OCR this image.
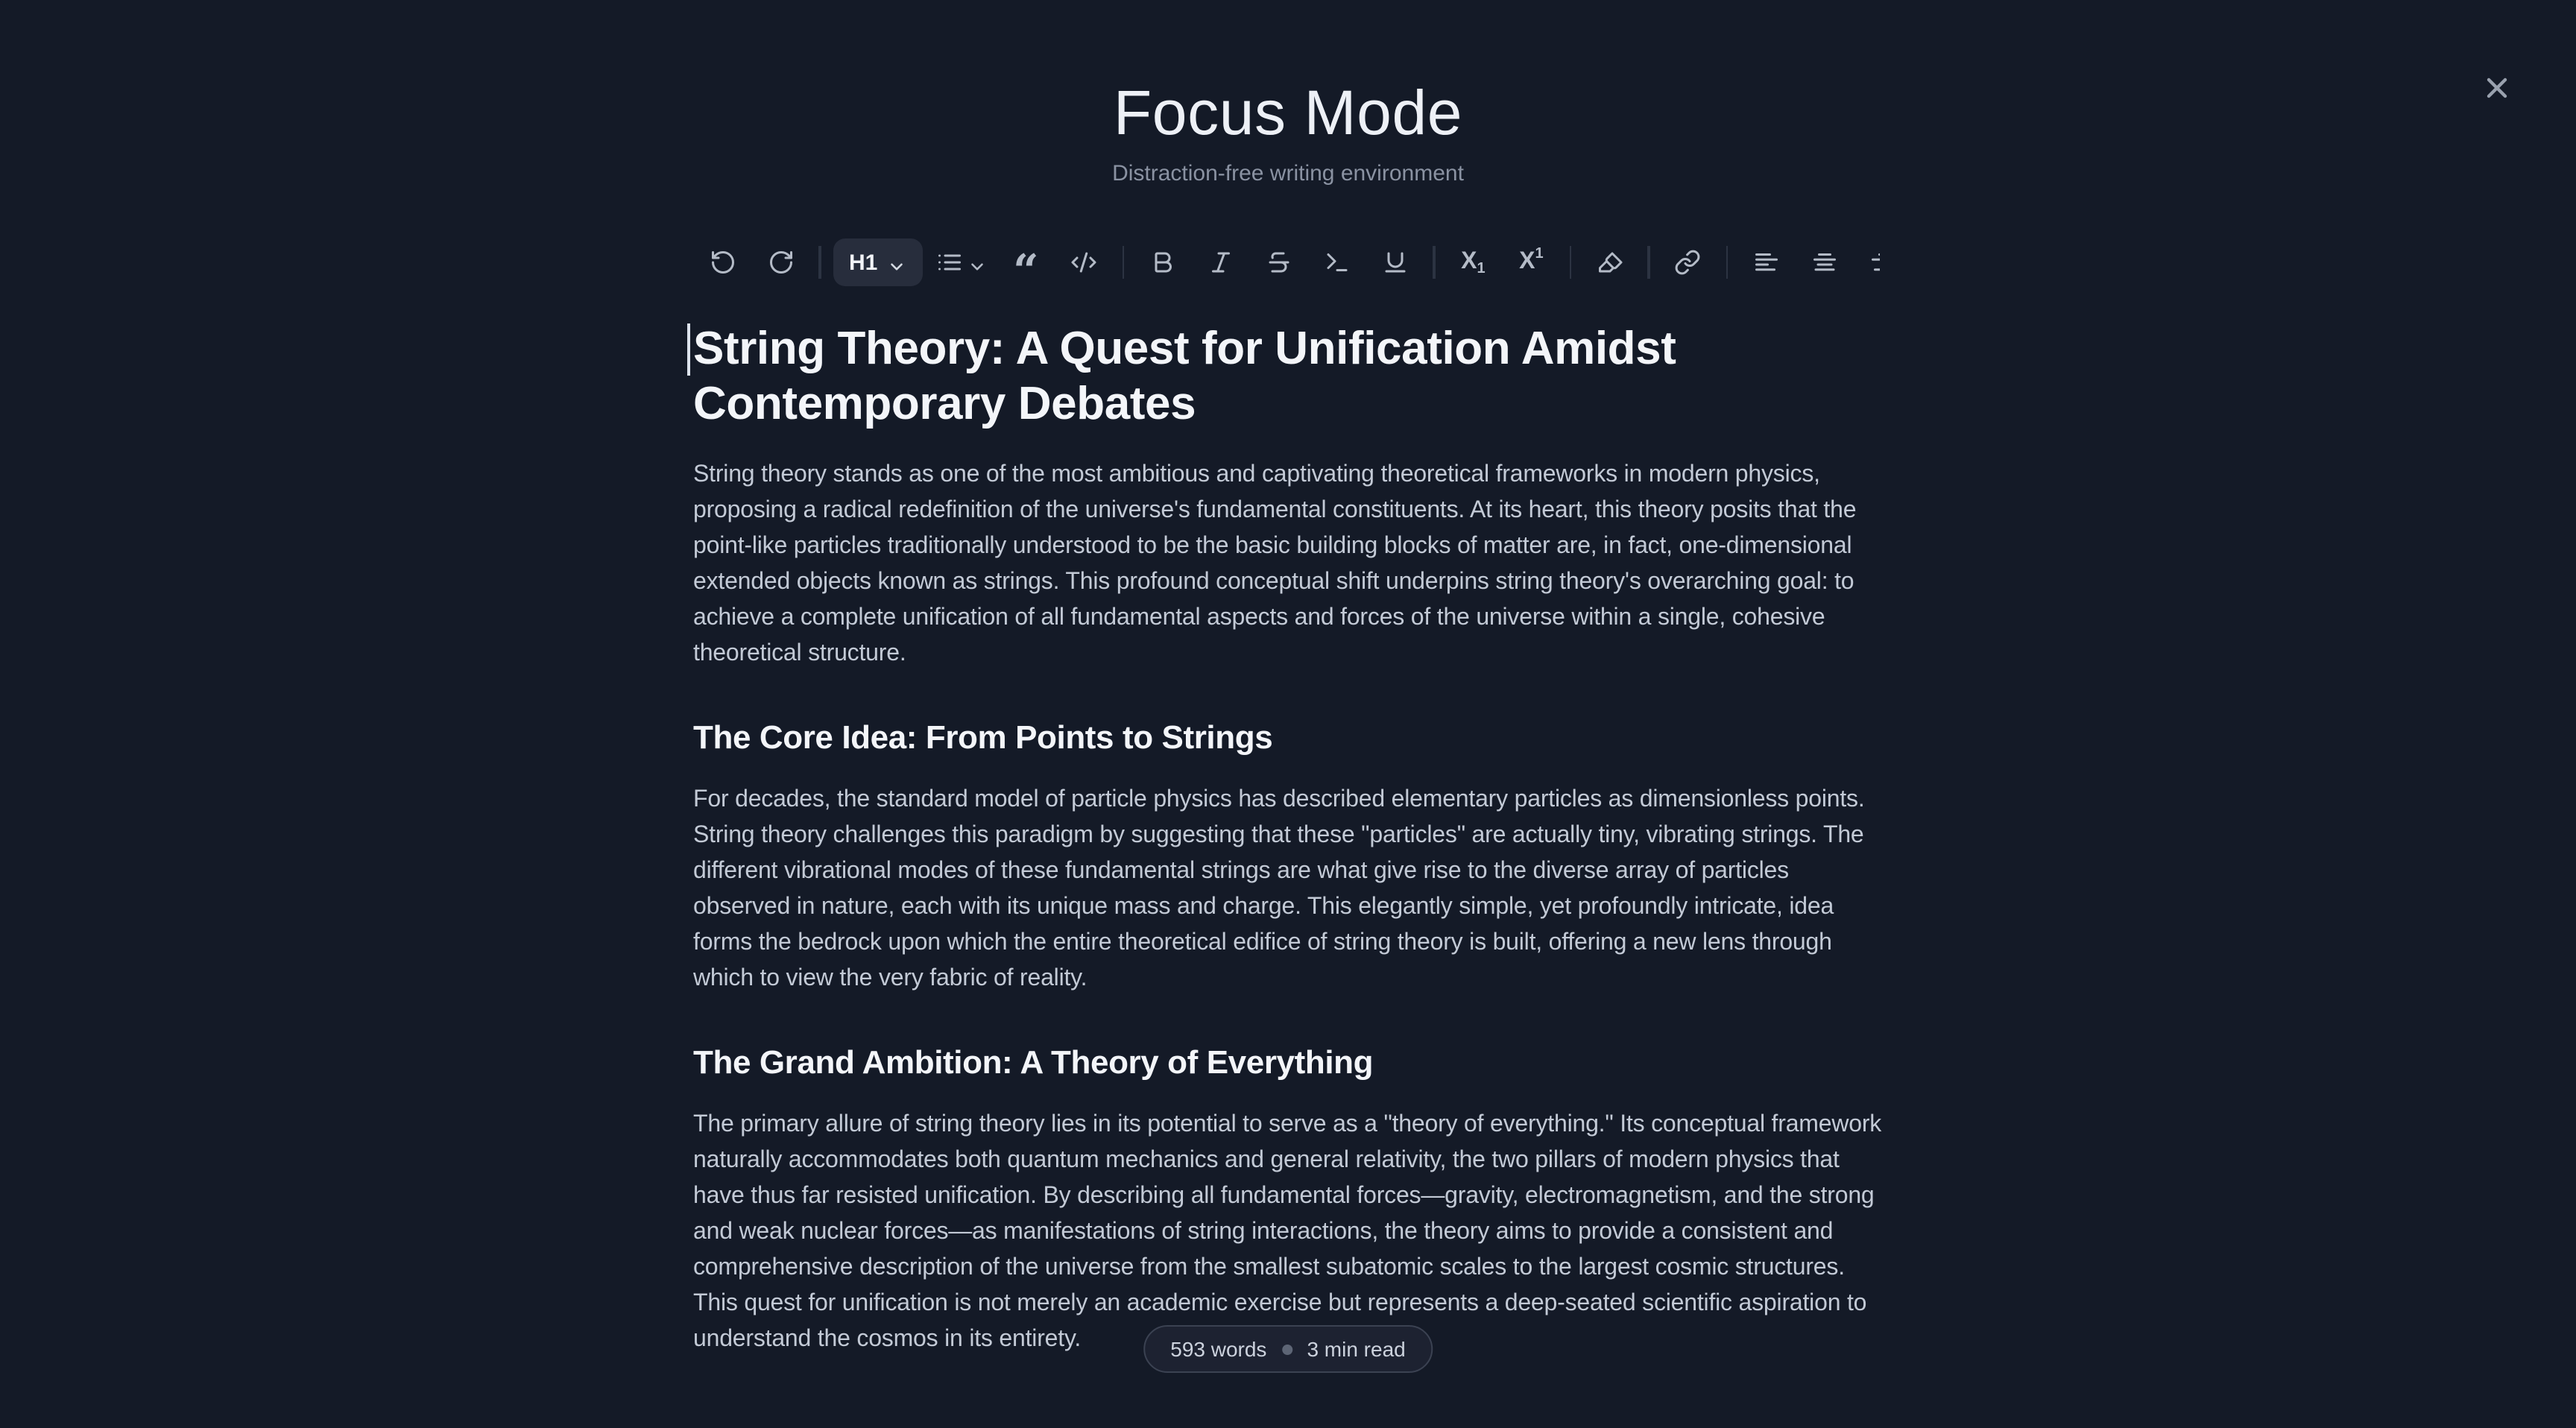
Focus Mode

Distraction-free writing environment

H1	“	$X_1$	$X^1$
String Theory: A Quest for Unification Amidst Contemporary Debates

String theory stands as one of the most ambitious and captivating theoretical frameworks in modern physics, proposing a radical redefinition of the universe's fundamental constituents. At its heart, this theory posits that the point-like particles traditionally understood to be the basic building blocks of matter are, in fact, one-dimensional extended objects known as strings. This profound conceptual shift underpins string theory's overarching goal: to achieve a complete unification of all fundamental aspects and forces of the universe within a single, cohesive theoretical structure.

The Core Idea: From Points to Strings

For decades, the standard model of particle physics has described elementary particles as dimensionless points. String theory challenges this paradigm by suggesting that these "particles" are actually tiny, vibrating strings. The different vibrational modes of these fundamental strings are what give rise to the diverse array of particles observed in nature, each with its unique mass and charge. This elegantly simple, yet profoundly intricate, idea forms the bedrock upon which the entire theoretical edifice of string theory is built, offering a new lens through which to view the very fabric of reality.

The Grand Ambition: A Theory of Everything

The primary allure of string theory lies in its potential to serve as a "theory of everything." Its conceptual framework naturally accommodates both quantum mechanics and general relativity, the two pillars of modern physics that have thus far resisted unification. By describing all fundamental forces—gravity, electromagnetism, and the strong and weak nuclear forces—as manifestations of string interactions, the theory aims to provide a consistent and comprehensive description of the universe from the smallest subatomic scales to the largest cosmic structures. This quest for unification is not merely an academic exercise but represents a deep-seated scientific aspiration to understand the cosmos in its entirety.	593 words	3 min read
